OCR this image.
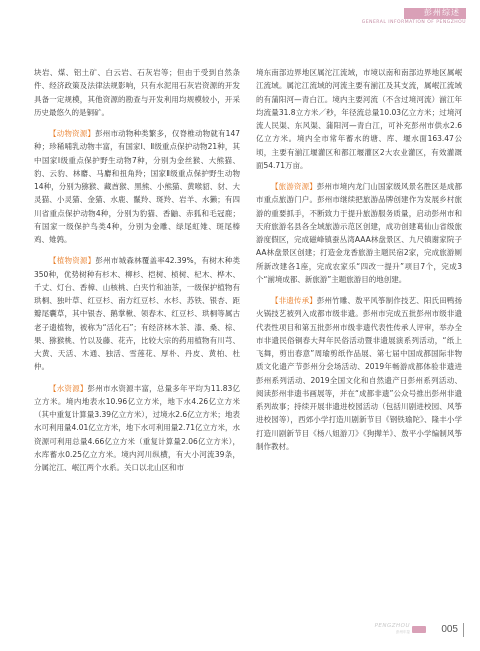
彭州综述
GENERAL INFORMATION OF PENGZHOU

块岩、煤、铝土矿、白云岩、石灰岩等；但由于受到自然条件、经济政策及法律法规影响，只有水泥用石灰岩资源的开发具备一定规模，其他资源的勘查与开发利用均规模较小，开采历史最悠久的是铜矿。

【动物资源】彭州市动物种类繁多，仅脊椎动物就有147种；珍稀哺乳动物丰富，有国家Ⅰ、Ⅱ级重点保护动物21种，其中国家Ⅰ级重点保护野生动物7种，分别为金丝猴、大熊猫、豹、云豹、林麝、马麝和扭角羚；国家Ⅱ级重点保护野生动物14种，分别为猕猴、藏酋猴、黑熊、小熊猫、黄喉貂、豺、大灵猫、小灵猫、金猫、水鹿、鬣羚、斑羚、岩羊、水獭；有四川省重点保护动物4种，分别为豹猫、香鼬、赤狐和毛冠鹿；有国家一级保护鸟类4种，分别为金雕、绿尾虹雉、斑尾榛鸡、雉鹑。

【植物资源】彭州市城森林覆盖率42.39%，有树木种类350种，优势树种有杉木、柳杉、桤树、桢树、杞木、桦木、千丈、灯台、香樟、山核桃、白夹竹和油茶，一级保护植物有珙桐、独叶草、红豆杉、南方红豆杉、水杉、苏铁、银杏、距瓣尾囊草，其中银杏、鹅掌楸、领春木、红豆杉、珙桐等属古老子遗植物，被称为“活化石”；有经济林木茶、漆、桑、棕、果、猕猴桃、竹以及藤、花卉，比较大宗的药用植物有川芎、大黄、天活、木通、独活、雪莲花、厚朴、丹皮、黄柏、杜仲。

【水资源】彭州市水资源丰富，总量多年平均为11.83亿立方米。境内地表水10.96亿立方米，地下水4.26亿立方米（其中重复计算量3.39亿立方米），过境水2.6亿立方米；地表水可利用量4.01亿立方米，地下水可利用量2.71亿立方米，水资源可利用总量4.66亿立方米（重复计算量2.06亿立方米），水库蓄水0.25亿立方米。境内河川纵横，有大小河流39条，分属沱江、岷江两个水系。关口以北山区和市

境东南部边界地区属沱江流域，市境以南和南部边界地区属岷江流域。属沱江流域的河流主要有湔江及其支流，属岷江流域的有蒲阳河—青白江。境内主要河流（不含过境河流）湔江年均流量31.8立方米／秒，年径流总量10.03亿立方米；过境河流人民渠、东风渠、蒲阳河—青白江，可补充彭州市供水2.6亿立方米。境内全市常年蓄水的塘、库、堰水面163.47公顷，主要有湔江堰灌区和都江堰灌区2大农业灌区，有效灌溉面54.71万亩。

【旅游资源】彭州市境内龙门山国家级风景名胜区是成都市重点旅游门户。彭州市继续把旅游品牌创建作为发展乡村旅游的重要抓手，不断致力于提升旅游服务质量，启动彭州市和天府旅游名县各全域旅游示范区创建，成功创建葛仙山省级旅游度假区，完成磁峰镇蚕丛湾AAA林盘景区、九尺镇谢家院子AA林盘景区创建；打造金龙香旅游主题民宿2家，完成旅游厕所新改建各1座，完成农家乐“四改一提升”项目7个，完成3个“湔境成都、新旅游”主题旅游目的地创建。

【非遗传承】彭州竹雕、敖平风筝制作技艺、阳氏田鸭扬火锅技艺被列入成都市级非遗。彭州市完成五批彭州市级非遗代表性项目和第五批彭州市级非遗代表性传承人评审，举办全市非遗民俗铜春大拜年民俗活动暨非遗展演系列活动，“纸上飞舞，剪出春意”周瑜剪纸作品展、第七届中国成都国际非物质文化遗产节彭州分会场活动、2019年畅游成都体验非遗进彭州系列活动、2019全国文化和自然遗产日彭州系列活动、阅读彭州非遗书画展等，并在“成都非遗”公众号推出彭州非遗系列故事；持续开展非遗进校园活动（包括川剧进校园、风筝进校园等），西郊小学打造川剧新节目《钢铁瑜陀》、隆丰小学打造川剧新节目《杨八姐游刀》《狗撵羊》、敖平小学编制风筝制作教材。

PENGZHOU
彭州年鉴	005
